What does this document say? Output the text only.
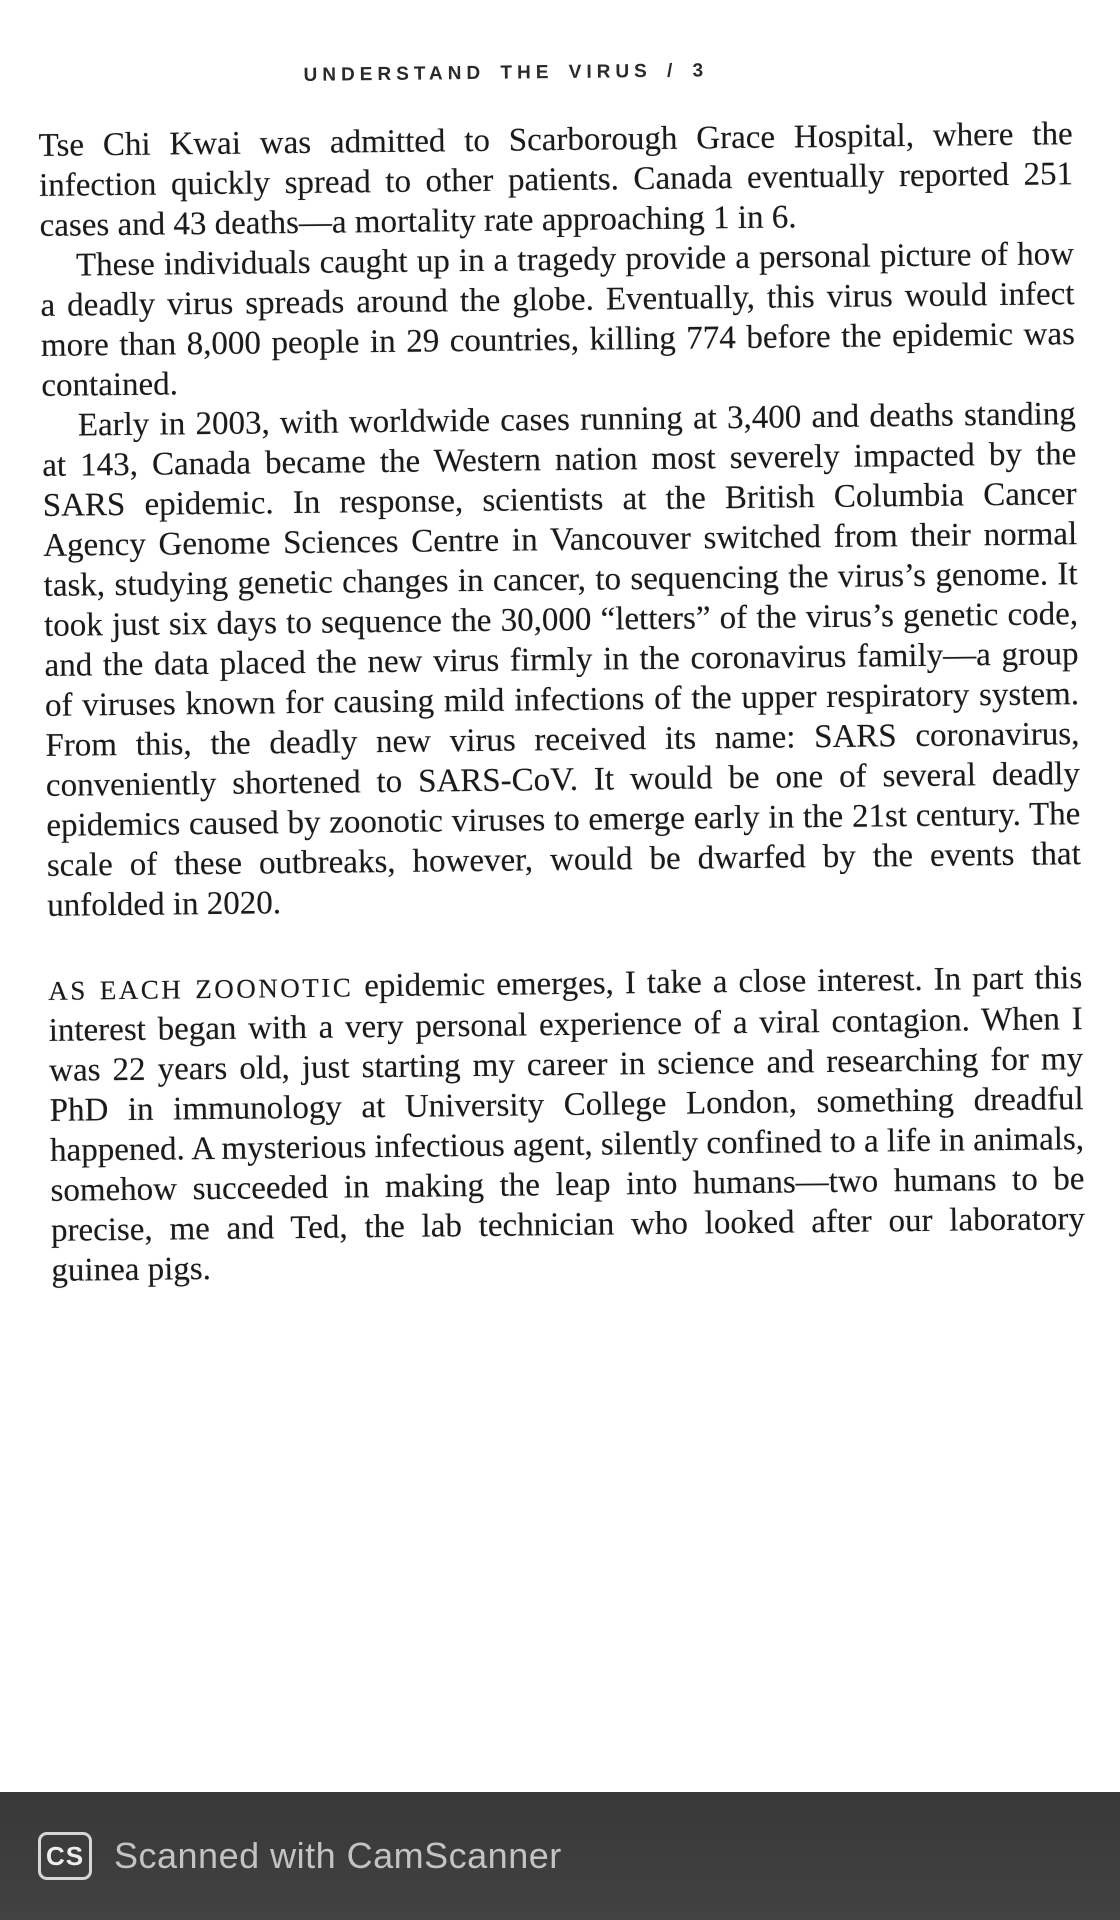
UNDERSTAND THE VIRUS / 3

Tse Chi Kwai was admitted to Scarborough Grace Hospital, where the infection quickly spread to other patients. Canada eventually reported 251 cases and 43 deaths—a mortality rate approaching 1 in 6.

These individuals caught up in a tragedy provide a personal picture of how a deadly virus spreads around the globe. Eventually, this virus would infect more than 8,000 people in 29 countries, killing 774 before the epidemic was contained.

Early in 2003, with worldwide cases running at 3,400 and deaths standing at 143, Canada became the Western nation most severely impacted by the SARS epidemic. In response, scientists at the British Columbia Cancer Agency Genome Sciences Centre in Vancouver switched from their normal task, studying genetic changes in cancer, to sequencing the virus’s genome. It took just six days to sequence the 30,000 “letters” of the virus’s genetic code, and the data placed the new virus firmly in the coronavirus family—a group of viruses known for causing mild infections of the upper respiratory system. From this, the deadly new virus received its name: SARS coronavirus, conveniently shortened to SARS-CoV. It would be one of several deadly epidemics caused by zoonotic viruses to emerge early in the 21st century. The scale of these outbreaks, however, would be dwarfed by the events that unfolded in 2020.

AS EACH ZOONOTIC epidemic emerges, I take a close interest. In part this interest began with a very personal experience of a viral contagion. When I was 22 years old, just starting my career in science and researching for my PhD in immunology at University College London, something dreadful happened. A mysterious infectious agent, silently confined to a life in animals, somehow succeeded in making the leap into humans—two humans to be precise, me and Ted, the lab technician who looked after our laboratory guinea pigs.

CS Scanned with CamScanner
